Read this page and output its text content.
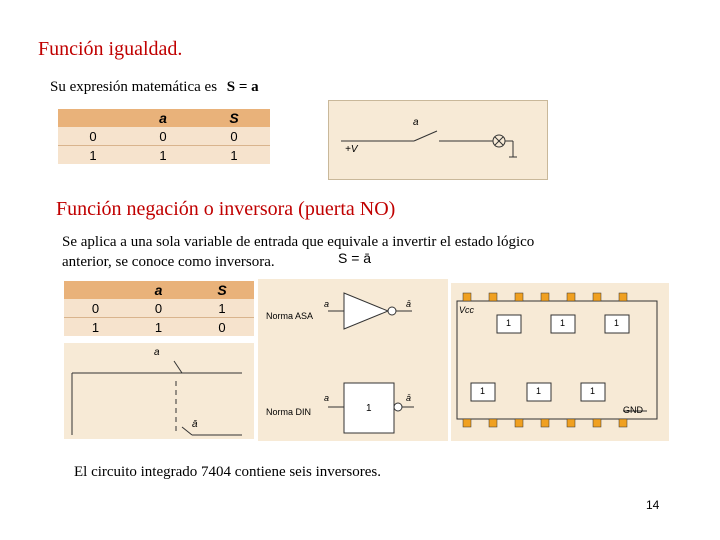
Función igualdad.
Su expresión matemática es S = a
	a	S
0	0	0
1	1	1
a
+V
Función negación o inversora (puerta NO)
Se aplica a una sola variable de entrada que equivale a invertir el estado lógico
anterior, se conoce como inversora.	S = ā
	a	S
0	0	1
1	1	0
a
ā
Norma ASA
a	ā
Norma DIN
a	ā
1
Vcc
GND
1	1	1
1	1	1
El circuito integrado 7404 contiene seis inversores.
14
